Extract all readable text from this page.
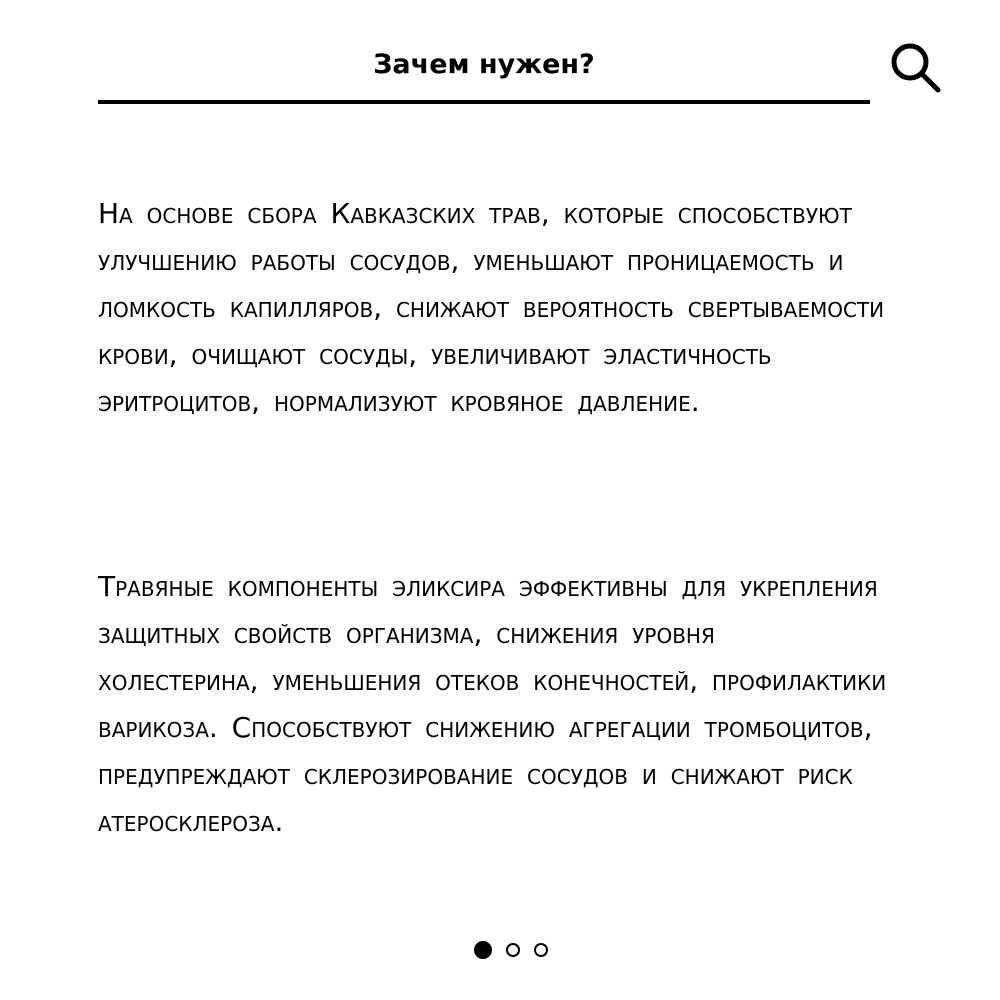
Зачем нужен?

На основе сбора Кавказских трав, которые способствуют улучшению работы сосудов, уменьшают проницаемость и ломкость капилляров, снижают вероятность свертываемости крови, очищают сосуды, увеличивают эластичность эритроцитов, нормализуют кровяное давление.

Травяные компоненты эликсира эффективны для укрепления защитных свойств организма, снижения уровня холестерина, уменьшения отеков конечностей, профилактики варикоза. Способствуют снижению агрегации тромбоцитов, предупреждают склерозирование сосудов и снижают риск атеросклероза.
